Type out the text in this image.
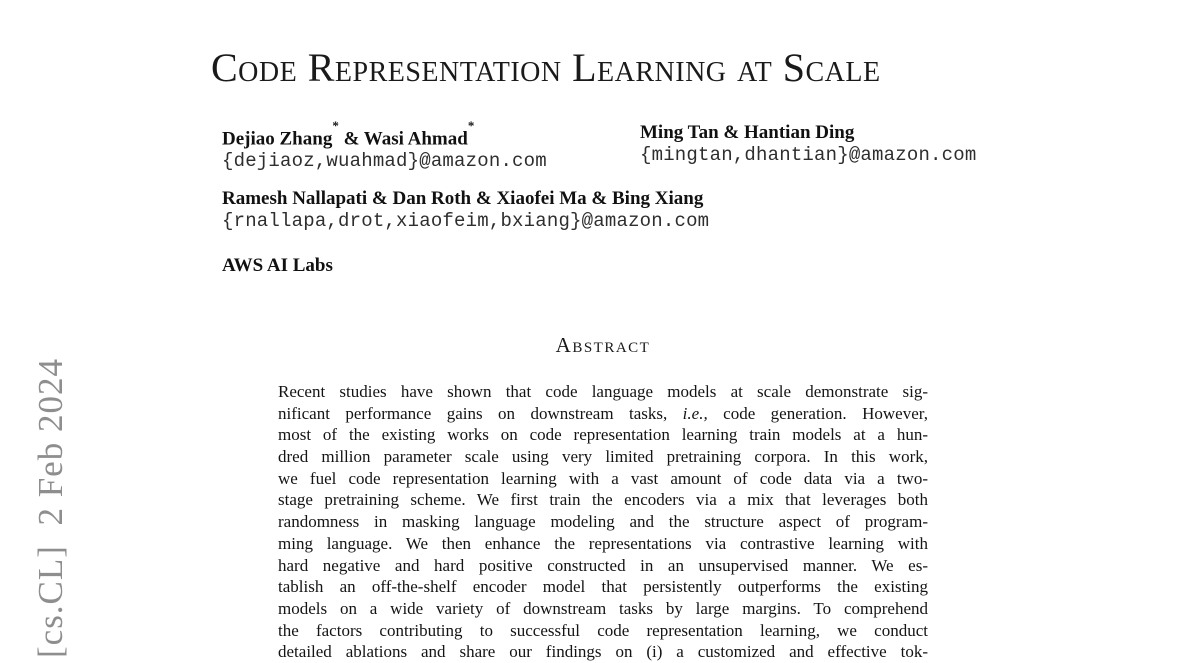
[cs.CL]  2 Feb 2024
Code Representation Learning at Scale
Dejiao Zhang* & Wasi Ahmad*
{dejiaoz,wuahmad}@amazon.com
Ming Tan & Hantian Ding
{mingtan,dhantian}@amazon.com
Ramesh Nallapati & Dan Roth & Xiaofei Ma & Bing Xiang
{rnallapa,drot,xiaofeim,bxiang}@amazon.com
AWS AI Labs
Abstract
Recent studies have shown that code language models at scale demonstrate sig-
nificant performance gains on downstream tasks, i.e., code generation. However,
most of the existing works on code representation learning train models at a hun-
dred million parameter scale using very limited pretraining corpora. In this work,
we fuel code representation learning with a vast amount of code data via a two-
stage pretraining scheme. We first train the encoders via a mix that leverages both
randomness in masking language modeling and the structure aspect of program-
ming language. We then enhance the representations via contrastive learning with
hard negative and hard positive constructed in an unsupervised manner. We es-
tablish an off-the-shelf encoder model that persistently outperforms the existing
models on a wide variety of downstream tasks by large margins. To comprehend
the factors contributing to successful code representation learning, we conduct
detailed ablations and share our findings on (i) a customized and effective tok-
